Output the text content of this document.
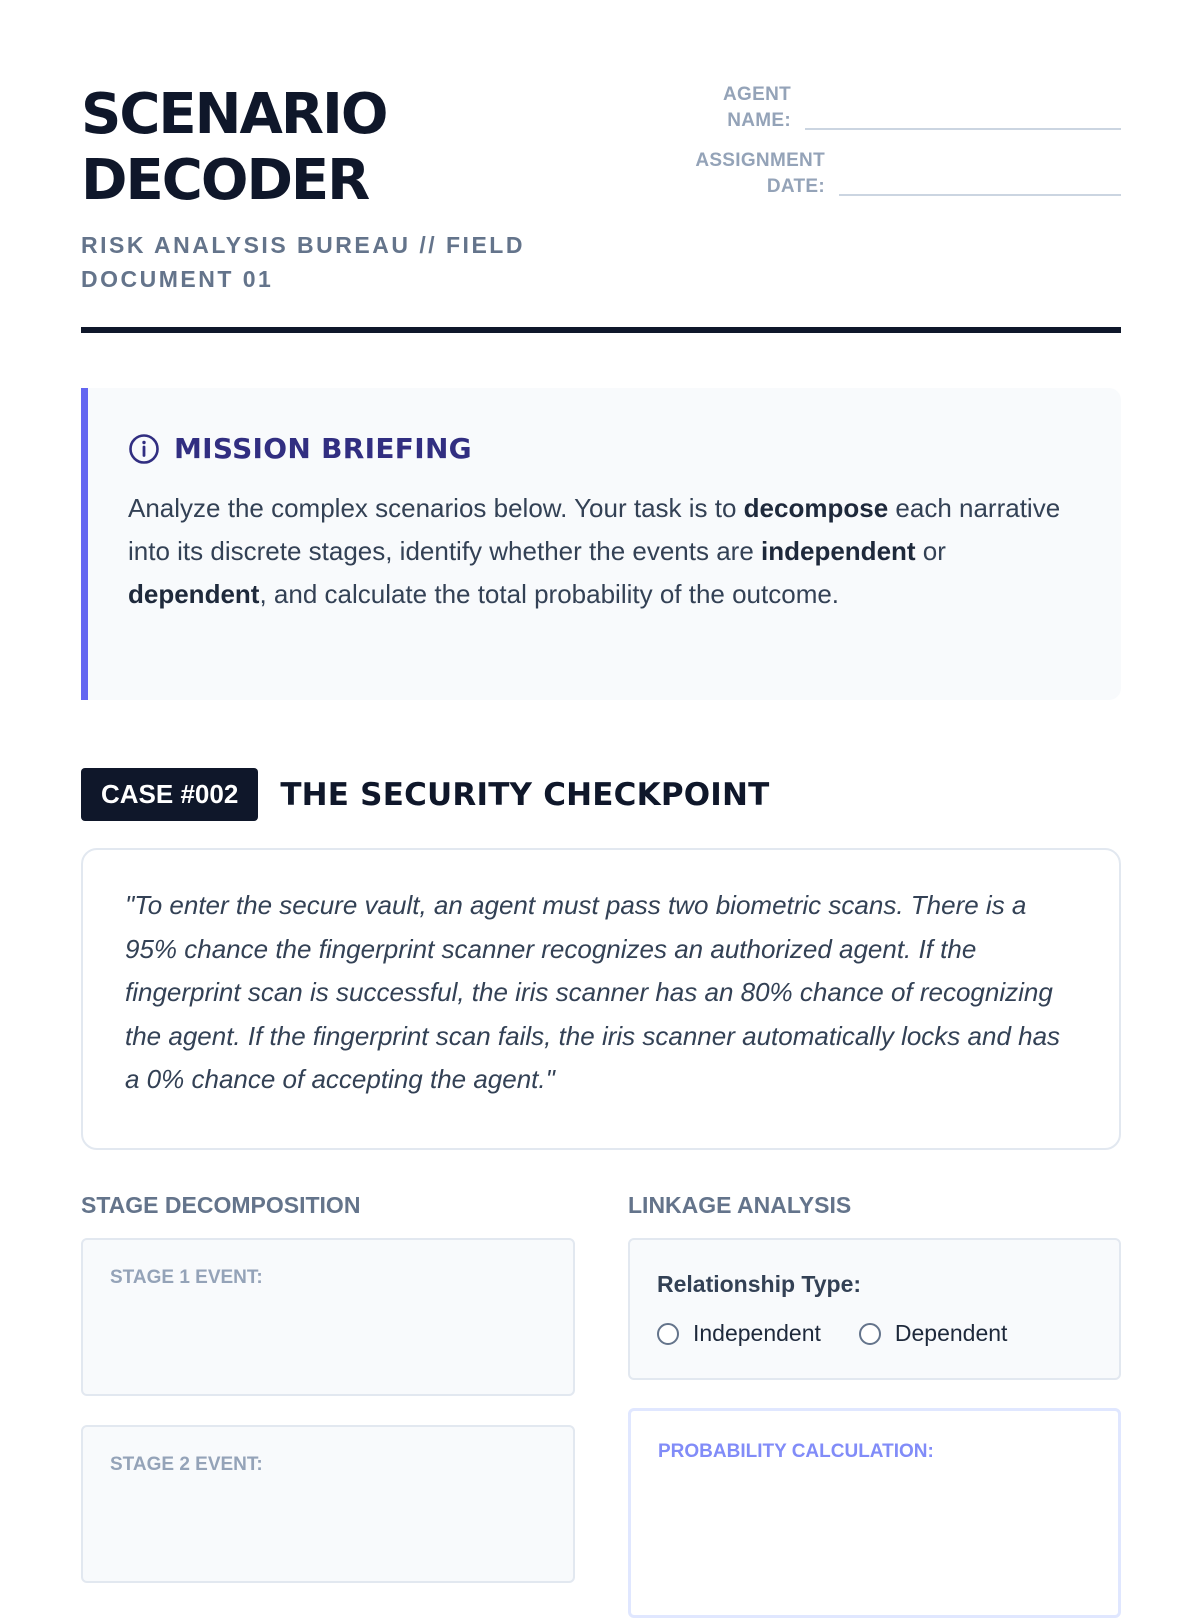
SCENARIO
DECODER
RISK ANALYSIS BUREAU // FIELD DOCUMENT 01
AGENT NAME:
ASSIGNMENT DATE:
MISSION BRIEFING
Analyze the complex scenarios below. Your task is to decompose each narrative into its discrete stages, identify whether the events are independent or dependent, and calculate the total probability of the outcome.
CASE #002	THE SECURITY CHECKPOINT
"To enter the secure vault, an agent must pass two biometric scans. There is a 95% chance the fingerprint scanner recognizes an authorized agent. If the fingerprint scan is successful, the iris scanner has an 80% chance of recognizing the agent. If the fingerprint scan fails, the iris scanner automatically locks and has a 0% chance of accepting the agent."
STAGE DECOMPOSITION	LINKAGE ANALYSIS
STAGE 1 EVENT:
STAGE 2 EVENT:
Relationship Type:
Independent	Dependent
PROBABILITY CALCULATION:
